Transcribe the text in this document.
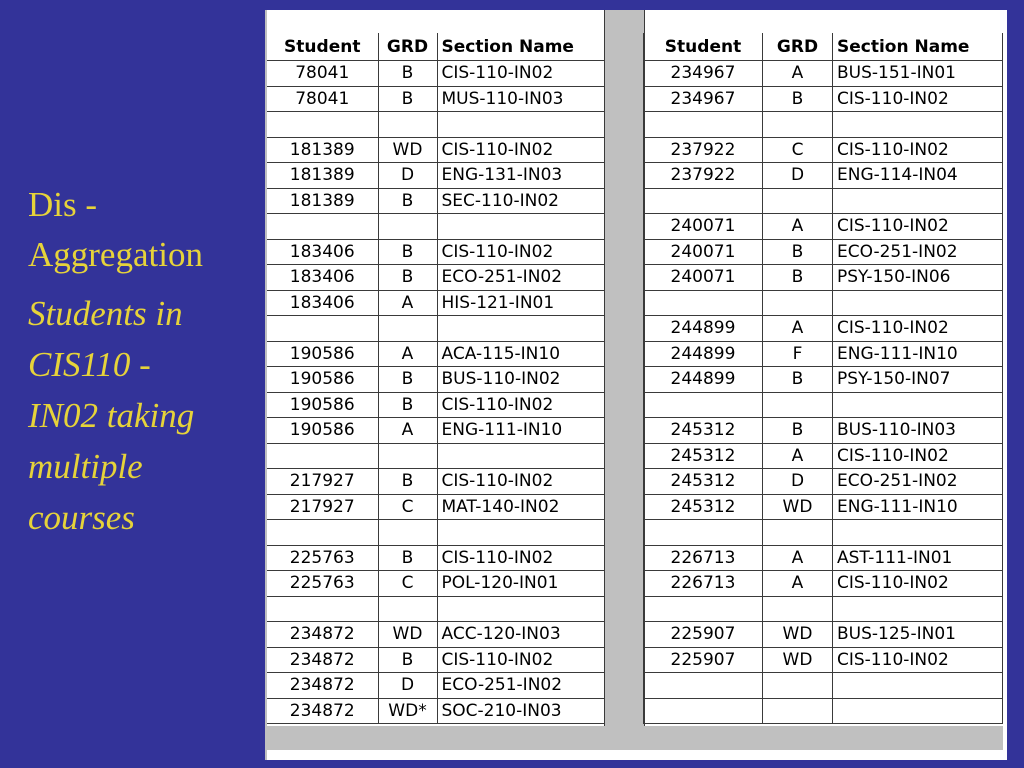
Dis -
Aggregation
Students in
CIS110 -
IN02 taking
multiple
courses
Student	GRD	Section Name
78041	B	CIS-110-IN02
78041	B	MUS-110-IN03

181389	WD	CIS-110-IN02
181389	D	ENG-131-IN03
181389	B	SEC-110-IN02

183406	B	CIS-110-IN02
183406	B	ECO-251-IN02
183406	A	HIS-121-IN01

190586	A	ACA-115-IN10
190586	B	BUS-110-IN02
190586	B	CIS-110-IN02
190586	A	ENG-111-IN10

217927	B	CIS-110-IN02
217927	C	MAT-140-IN02

225763	B	CIS-110-IN02
225763	C	POL-120-IN01

234872	WD	ACC-120-IN03
234872	B	CIS-110-IN02
234872	D	ECO-251-IN02
234872	WD*	SOC-210-IN03
Student	GRD	Section Name
234967	A	BUS-151-IN01
234967	B	CIS-110-IN02

237922	C	CIS-110-IN02
237922	D	ENG-114-IN04

240071	A	CIS-110-IN02
240071	B	ECO-251-IN02
240071	B	PSY-150-IN06

244899	A	CIS-110-IN02
244899	F	ENG-111-IN10
244899	B	PSY-150-IN07

245312	B	BUS-110-IN03
245312	A	CIS-110-IN02
245312	D	ECO-251-IN02
245312	WD	ENG-111-IN10

226713	A	AST-111-IN01
226713	A	CIS-110-IN02

225907	WD	BUS-125-IN01
225907	WD	CIS-110-IN02
